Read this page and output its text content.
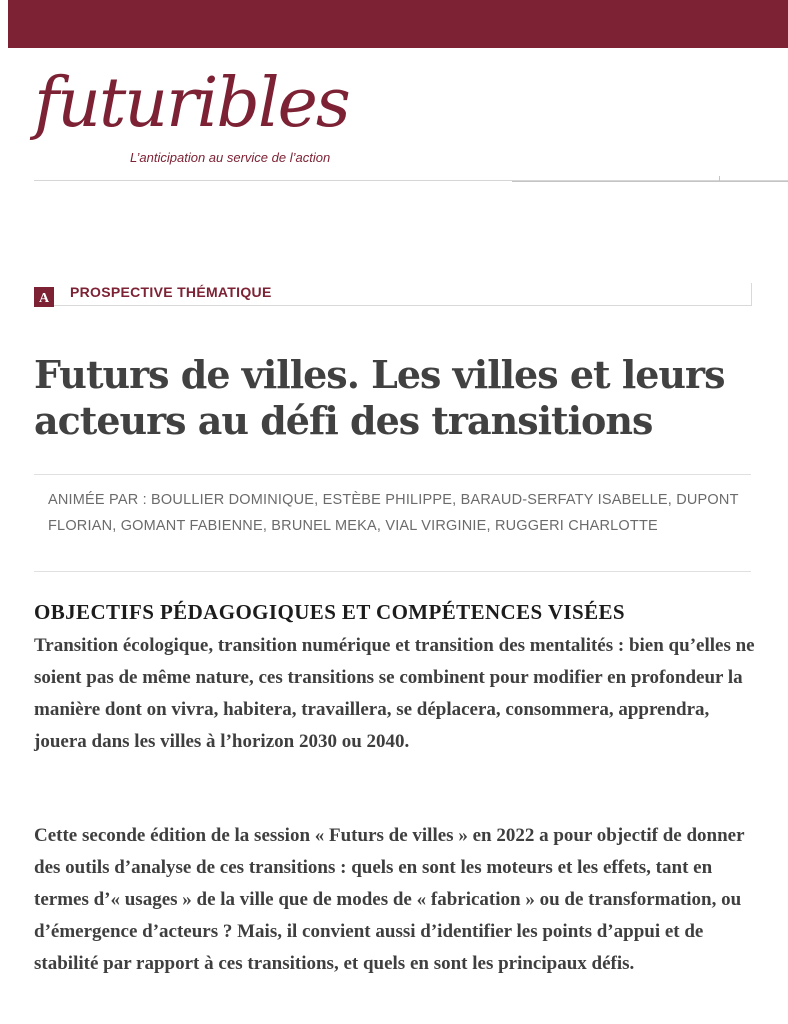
futuribles
L’anticipation au service de l’action
A	PROSPECTIVE THÉMATIQUE
Futurs de villes. Les villes et leurs acteurs au défi des transitions
ANIMÉE PAR : BOULLIER DOMINIQUE, ESTÈBE PHILIPPE, BARAUD-SERFATY ISABELLE, DUPONT FLORIAN, GOMANT FABIENNE, BRUNEL MEKA, VIAL VIRGINIE, RUGGERI CHARLOTTE
OBJECTIFS PÉDAGOGIQUES ET COMPÉTENCES VISÉES

Transition écologique, transition numérique et transition des mentalités : bien qu’elles ne soient pas de même nature, ces transitions se combinent pour modifier en profondeur la manière dont on vivra, habitera, travaillera, se déplacera, consommera, apprendra, jouera dans les villes à l’horizon 2030 ou 2040.

Cette seconde édition de la session « Futurs de villes » en 2022 a pour objectif de donner des outils d’analyse de ces transitions : quels en sont les moteurs et les effets, tant en termes d’« usages » de la ville que de modes de « fabrication » ou de transformation, ou d’émergence d’acteurs ? Mais, il convient aussi d’identifier les points d’appui et de stabilité par rapport à ces transitions, et quels en sont les principaux défis.
